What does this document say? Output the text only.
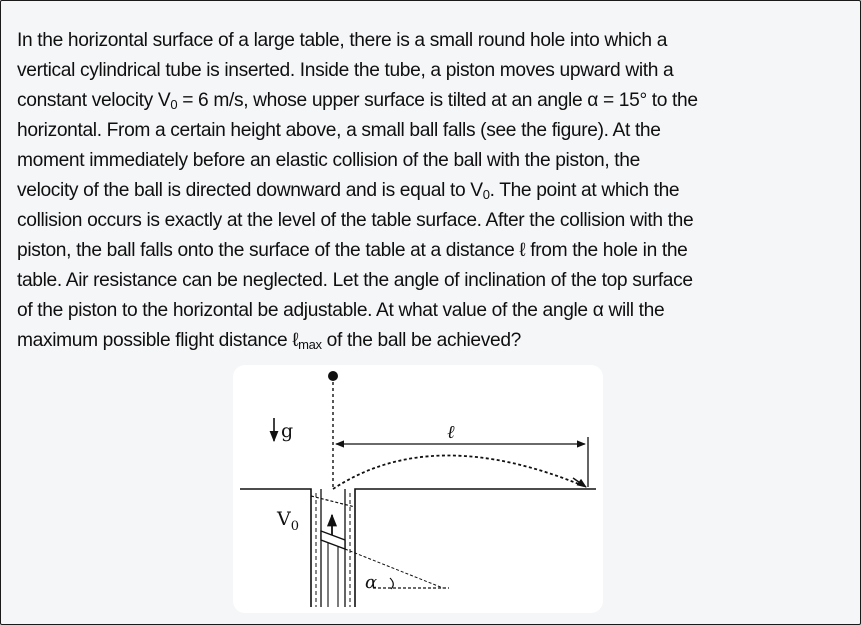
In the horizontal surface of a large table, there is a small round hole into which a
vertical cylindrical tube is inserted. Inside the tube, a piston moves upward with a
constant velocity $V_0 = 6$ m/s, whose upper surface is tilted at an angle α = 15° to the
horizontal. From a certain height above, a small ball falls (see the figure). At the
moment immediately before an elastic collision of the ball with the piston, the
velocity of the ball is directed downward and is equal to $V_0$. The point at which the
collision occurs is exactly at the level of the table surface. After the collision with the
piston, the ball falls onto the surface of the table at a distance ℓ from the hole in the
table. Air resistance can be neglected. Let the angle of inclination of the top surface
of the piston to the horizontal be adjustable. At what value of the angle α will the
maximum possible flight distance ℓ$_{max}$ of the ball be achieved?

g	ℓ
$V_0$
α
